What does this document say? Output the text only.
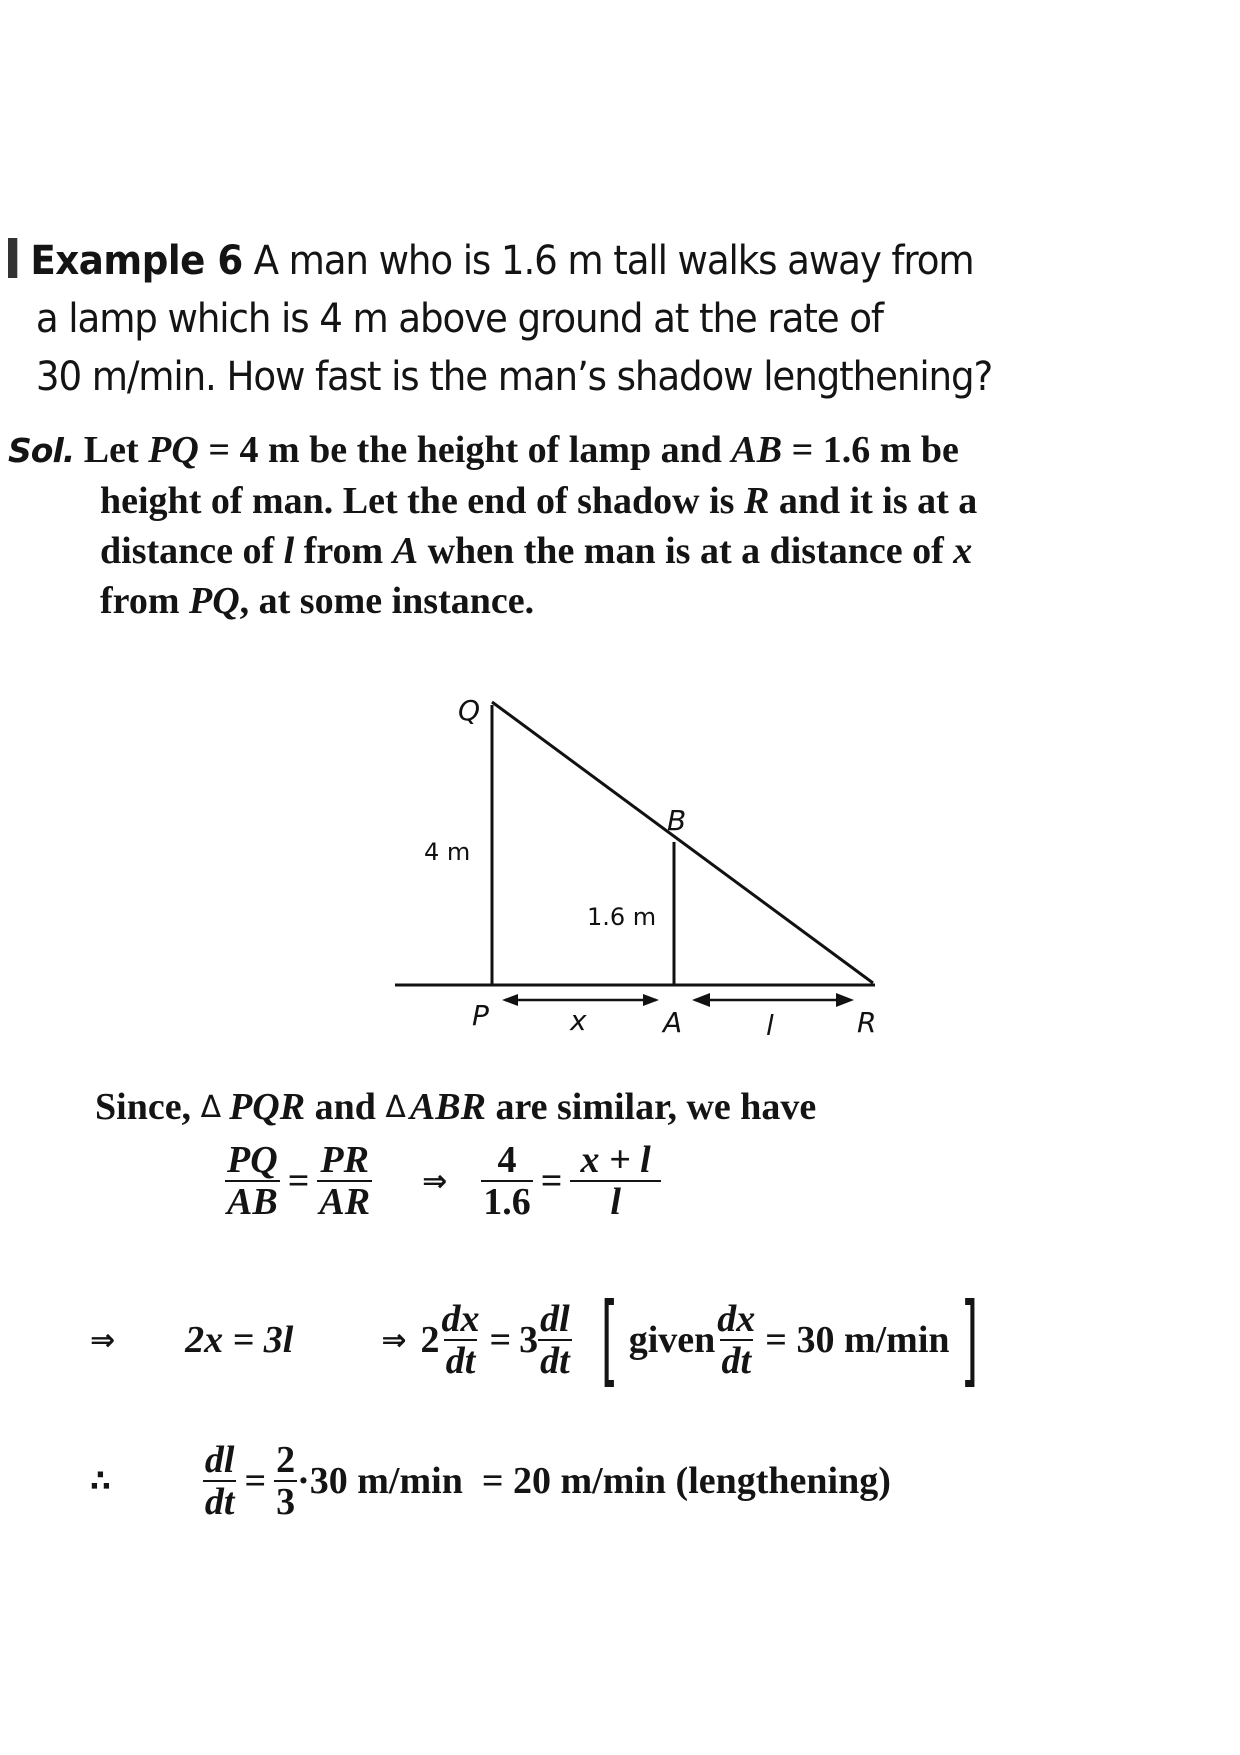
Example 6 A man who is 1.6 m tall walks away from
a lamp which is 4 m above ground at the rate of
30 m/min. How fast is the man’s shadow lengthening?
Sol. Let PQ = 4 m be the height of lamp and AB = 1.6 m be
height of man. Let the end of shadow is R and it is at a
distance of l from A when the man is at a distance of x
from PQ, at some instance.
Q
B
P	A	R
4 m
1.6 m
x	l
Since, Δ PQR and Δ ABR are similar, we have
$\frac{PQ}{AB} = \frac{PR}{AR}$ ⇒ $\frac{4}{1.6} = \frac{x + l}{l}$
⇒ 2x = 3l	⇒ $2 \frac{dx}{dt} = 3 \frac{dl}{dt}$ [ given $\frac{dx}{dt} = 30$ m/min ]
∴ $\frac{dl}{dt} = \frac{2}{3} \cdot 30$ m/min  = 20 m/min (lengthening)
